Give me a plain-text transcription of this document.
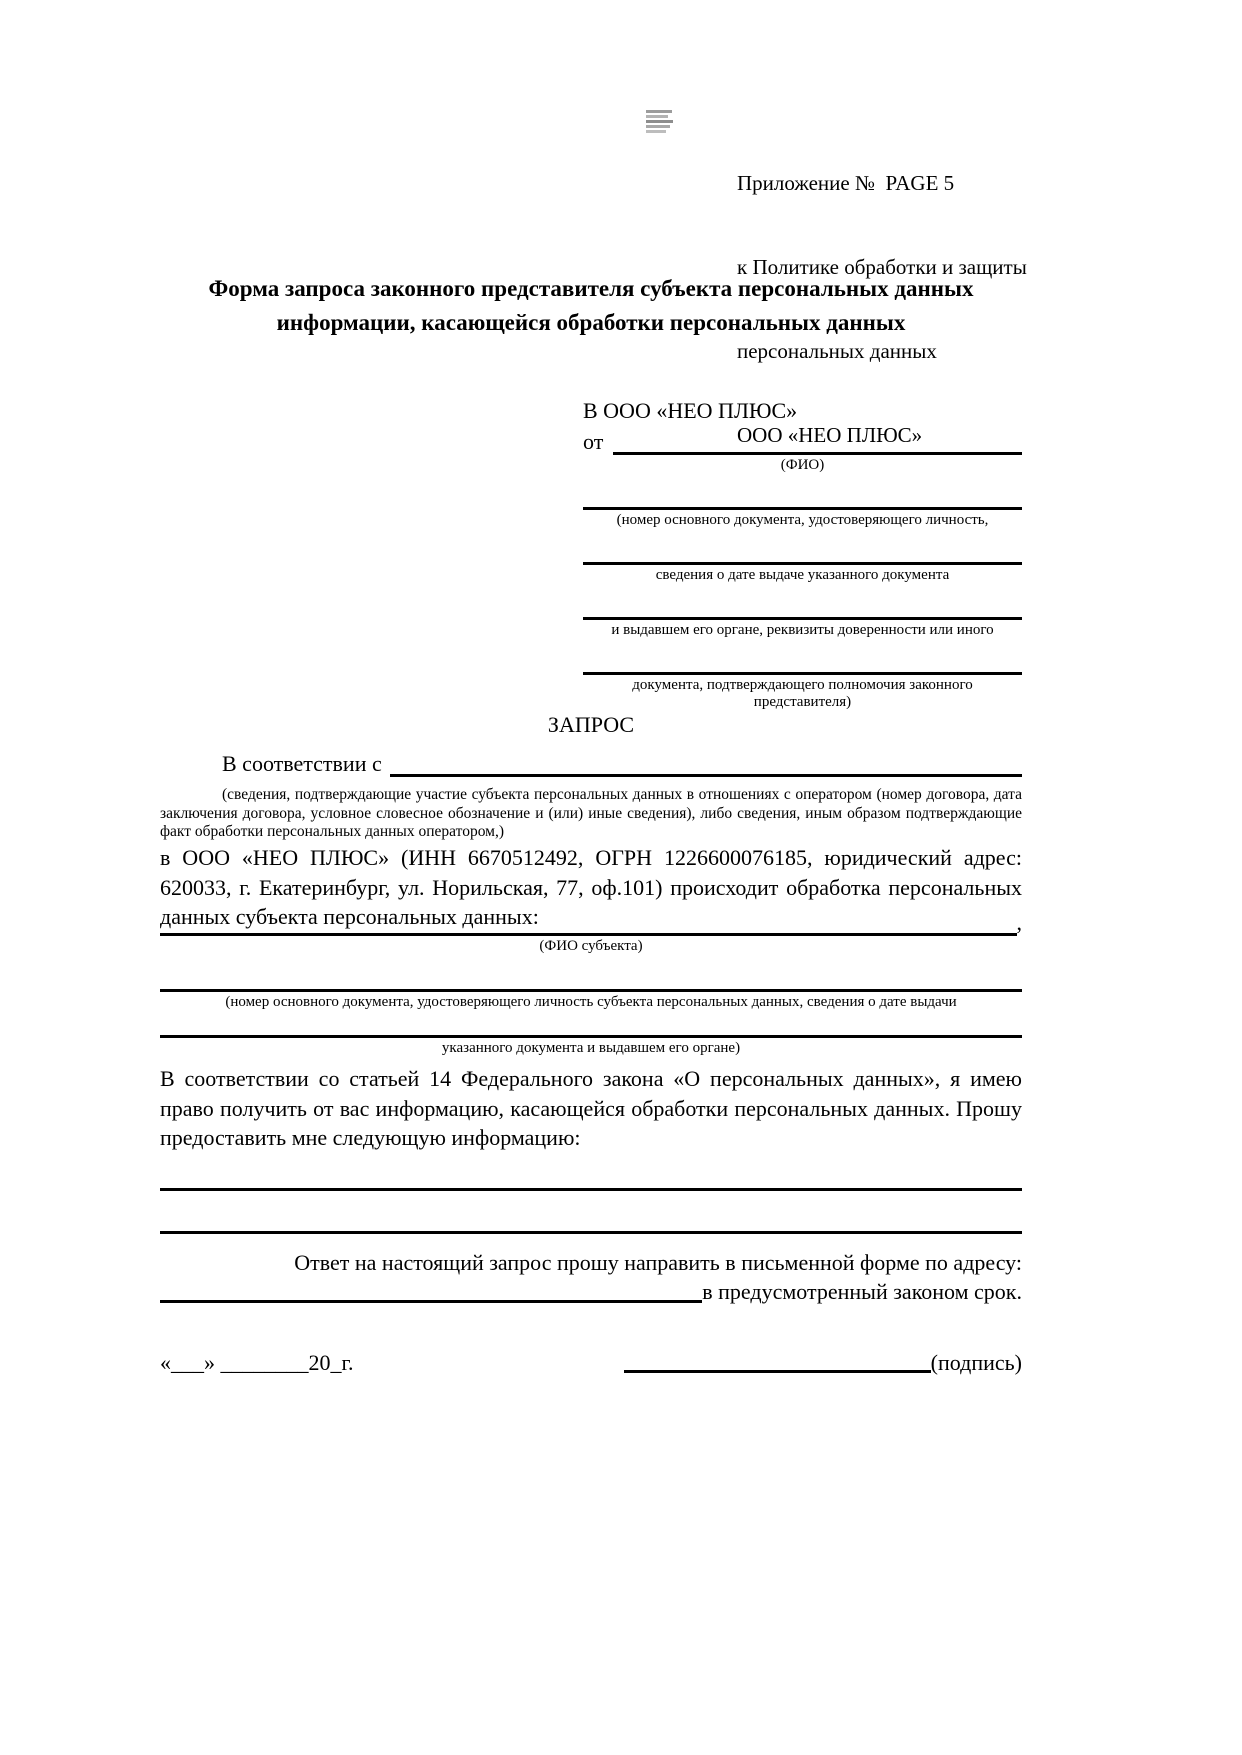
Приложение №  PAGE 5

к Политике обработки и защиты

персональных данных

ООО «НЕО ПЛЮС»

Форма запроса законного представителя субъекта персональных данных информации, касающейся обработки персональных данных
В ООО «НЕО ПЛЮС»
от
(ФИО)
(номер основного документа, удостоверяющего личность,
сведения о дате выдаче указанного документа
и выдавшем его органе, реквизиты доверенности или иного
документа, подтверждающего полномочия законного представителя)
ЗАПРОС
В соответствии с
(сведения, подтверждающие участие субъекта персональных данных в отношениях с оператором (номер договора, дата заключения договора, условное словесное обозначение и (или) иные сведения), либо сведения, иным образом подтверждающие факт обработки персональных данных оператором,)
в ООО «НЕО ПЛЮС» (ИНН 6670512492, ОГРН 1226600076185, юридический адрес: 620033, г. Екатеринбург, ул. Норильская, 77, оф.101) происходит обработка персональных данных субъекта персональных данных:	,
(ФИО субъекта)
(номер основного документа, удостоверяющего личность субъекта персональных данных, сведения о дате выдачи
указанного документа и выдавшем его органе)
В соответствии со статьей 14 Федерального закона «О персональных данных», я имею право получить от вас информацию, касающейся обработки персональных данных. Прошу предоставить мне следующую информацию:
Ответ на настоящий запрос прошу направить в письменной форме по адресу:
в предусмотренный законом срок.
«___» ________20_г.	(подпись)
